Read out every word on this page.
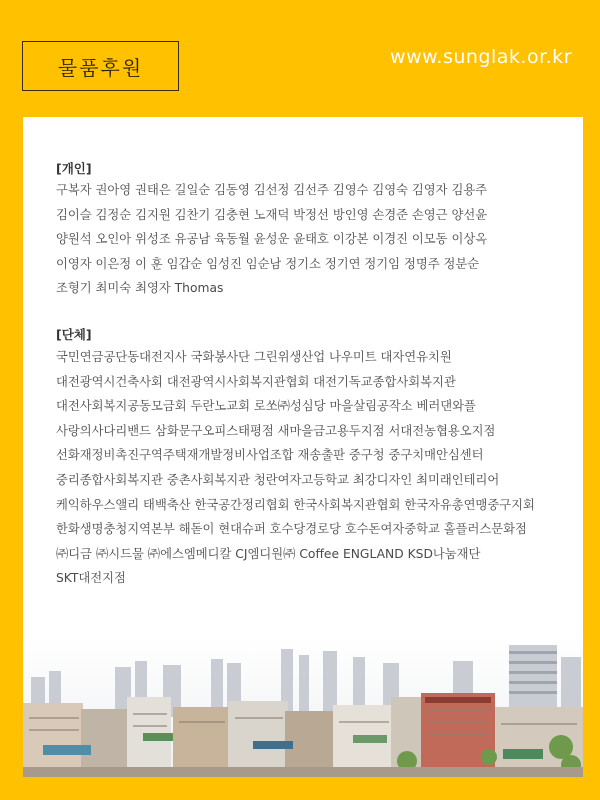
물품후원	www.sunglak.or.kr
[개인]
구복자 권아영 권태은 길일순 김동영 김선정 김선주 김영수 김영숙 김영자 김용주
김이슬 김정순 김지원 김찬기 김충현 노재덕 박정선 방인영 손경준 손영근 양선윤
양원석 오인아 위성조 유공남 육동월 윤성운 윤태호 이강본 이경진 이모동 이상옥
이영자 이은정 이 훈 임갑순 임성진 임순남 정기소 정기연 정기임 정명주 정분순
조형기 최미숙 최영자 Thomas
[단체]
국민연금공단동대전지사 국화봉사단 그린위생산업 나우미트 대자연유치원
대전광역시건축사회 대전광역시사회복지관협회 대전기독교종합사회복지관
대전사회복지공동모금회 두란노교회 로쏘㈜성심당 마을살림공작소 베러댄와플
사랑의사다리밴드 삼화문구오피스태평점 새마을금고용두지점 서대전농협용오지점
선화재정비촉진구역주택재개발정비사업조합 재송출판 중구청 중구치매안심센터
중리종합사회복지관 중촌사회복지관 청란여자고등학교 최강디자인 최미래인테리어
케익하우스앨리 태백축산 한국공간정리협회 한국사회복지관협회 한국자유총연맹중구지회
한화생명충청지역본부 해돋이 현대슈퍼 호수당경로당 호수돈여자중학교 홀플러스문화점
㈜디금 ㈜시드물 ㈜에스엠메디칼 CJ엠디원㈜ Coffee ENGLAND KSD나눔재단
SKT대전지점
